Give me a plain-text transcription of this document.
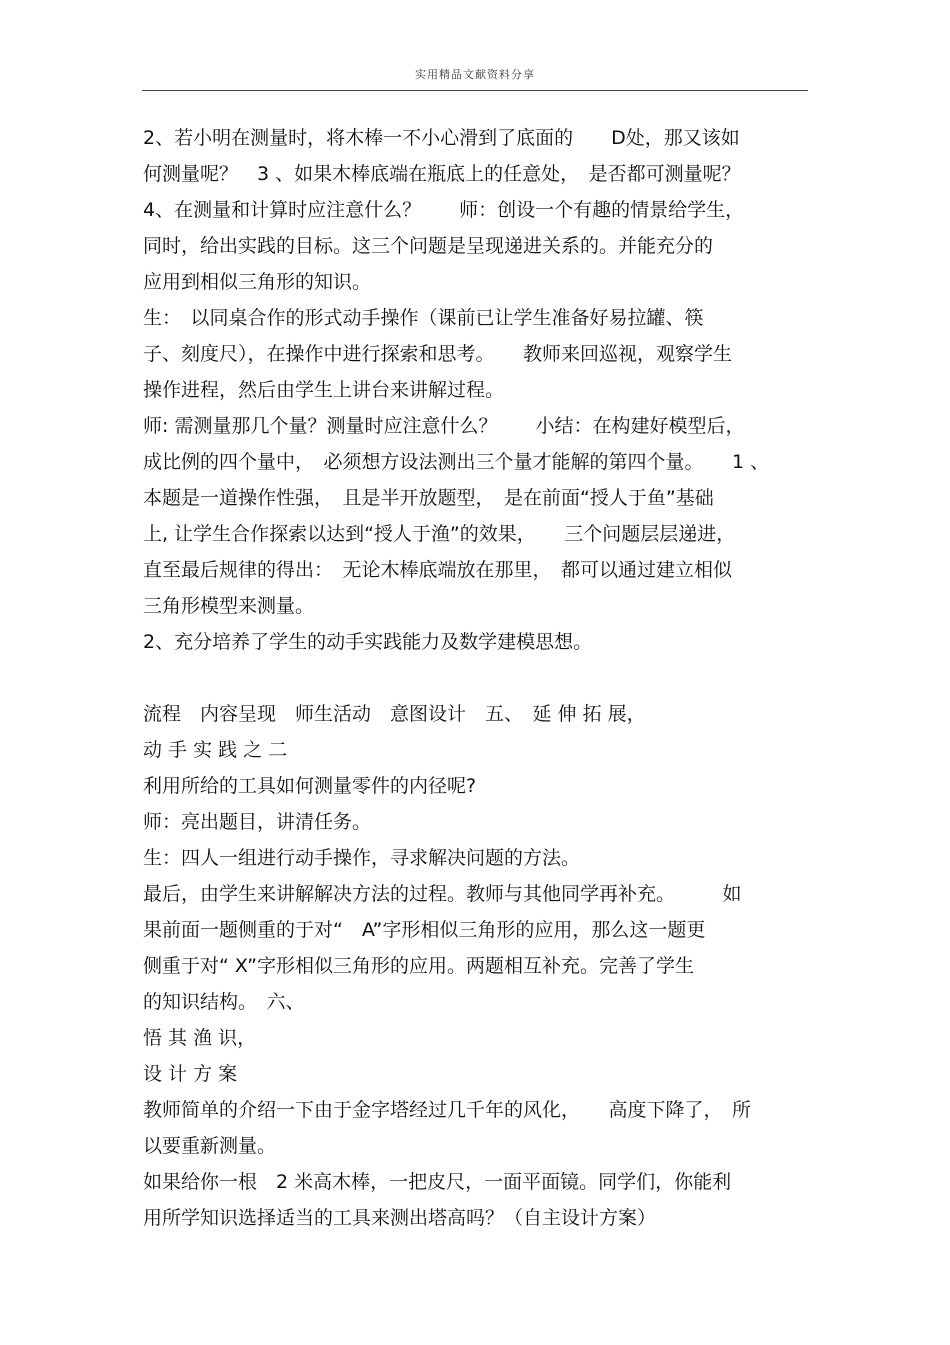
实用精品文献资料分享
2、若小明在测量时，将木棒一不小心滑到了底面的　　D处，那又该如
何测量呢？　3 、如果木棒底端在瓶底上的任意处，　是否都可测量呢？
4、在测量和计算时应注意什么？　　师：创设一个有趣的情景给学生，
同时，给出实践的目标。这三个问题是呈现递进关系的。并能充分的
应用到相似三角形的知识。
生：　以同桌合作的形式动手操作（课前已让学生准备好易拉罐、筷
子、刻度尺），在操作中进行探索和思考。　　教师来回巡视，观察学生
操作进程，然后由学生上讲台来讲解过程。
师: 需测量那几个量？测量时应注意什么？　　小结：在构建好模型后，
成比例的四个量中，　必须想方设法测出三个量才能解的第四个量。　　1 、
本题是一道操作性强，　且是半开放题型，　是在前面“授人于鱼”基础
上, 让学生合作探索以达到“授人于渔”的效果，　　三个问题层层递进，
直至最后规律的得出：　无论木棒底端放在那里，　都可以通过建立相似
三角形模型来测量。
2、充分培养了学生的动手实践能力及数学建模思想。
流程　内容呈现　师生活动　意图设计　五、　延 伸 拓 展，
动 手 实 践 之 二
利用所给的工具如何测量零件的内径呢?
师：亮出题目，讲清任务。
生：四人一组进行动手操作，寻求解决问题的方法。
最后，由学生来讲解解决方法的过程。教师与其他同学再补充。　　　如
果前面一题侧重的于对“　A”字形相似三角形的应用，那么这一题更
侧重于对“ X”字形相似三角形的应用。两题相互补充。完善了学生
的知识结构。　六、
悟 其 渔 识，
设 计 方 案
教师简单的介绍一下由于金字塔经过几千年的风化，　　高度下降了，　所
以要重新测量。
如果给你一根　2 米高木棒，一把皮尺，一面平面镜。同学们，你能利
用所学知识选择适当的工具来测出塔高吗？（自主设计方案）
